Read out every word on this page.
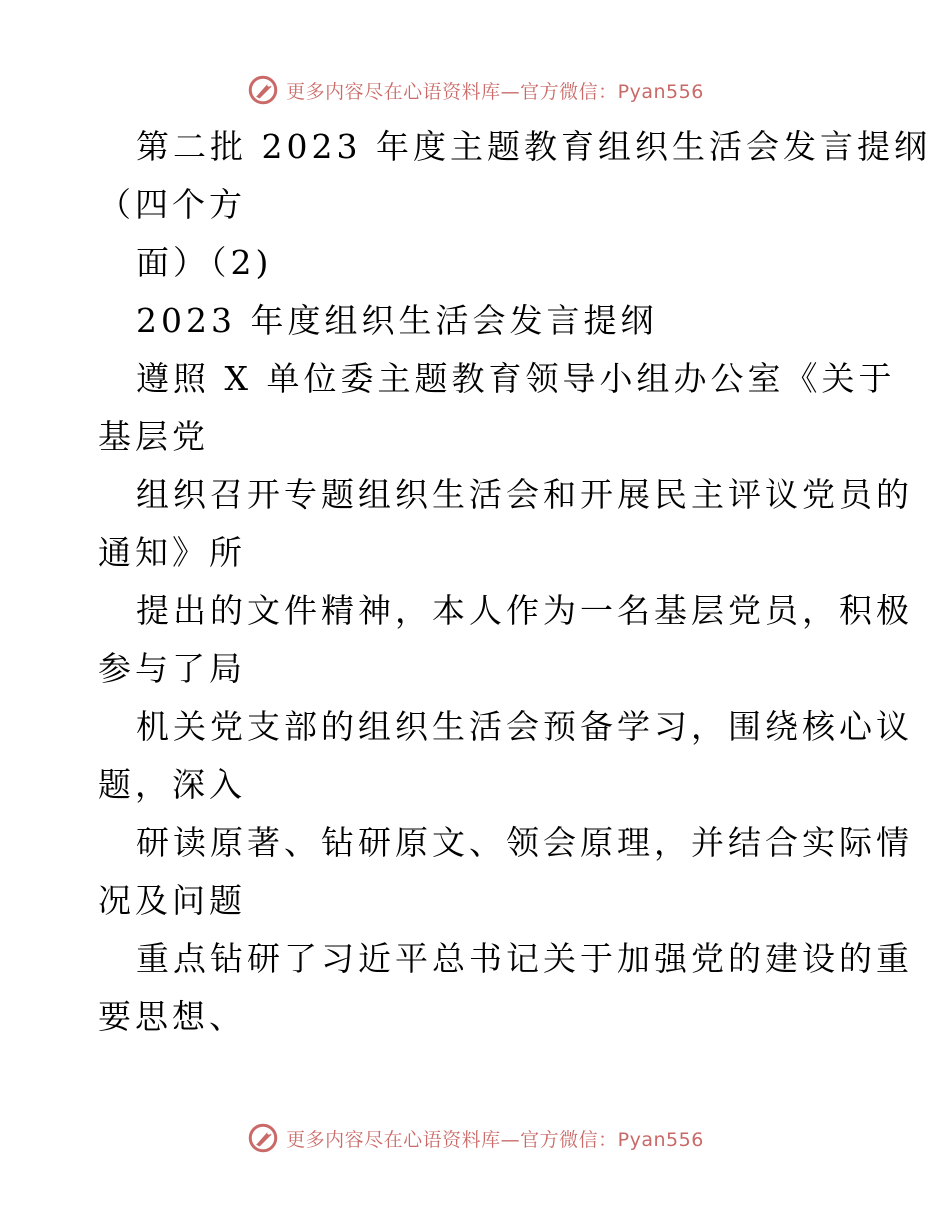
更多内容尽在心语资料库—官方微信：Pyan556

第二批 2023 年度主题教育组织生活会发言提纲

（四个方

面）（2)

2023 年度组织生活会发言提纲

遵照 X 单位委主题教育领导小组办公室《关于

基层党

组织召开专题组织生活会和开展民主评议党员的

通知》所

提出的文件精神，本人作为一名基层党员，积极

参与了局

机关党支部的组织生活会预备学习，围绕核心议

题，深入

研读原著、钻研原文、领会原理，并结合实际情

况及问题

重点钻研了习近平总书记关于加强党的建设的重

要思想、

更多内容尽在心语资料库—官方微信：Pyan556
